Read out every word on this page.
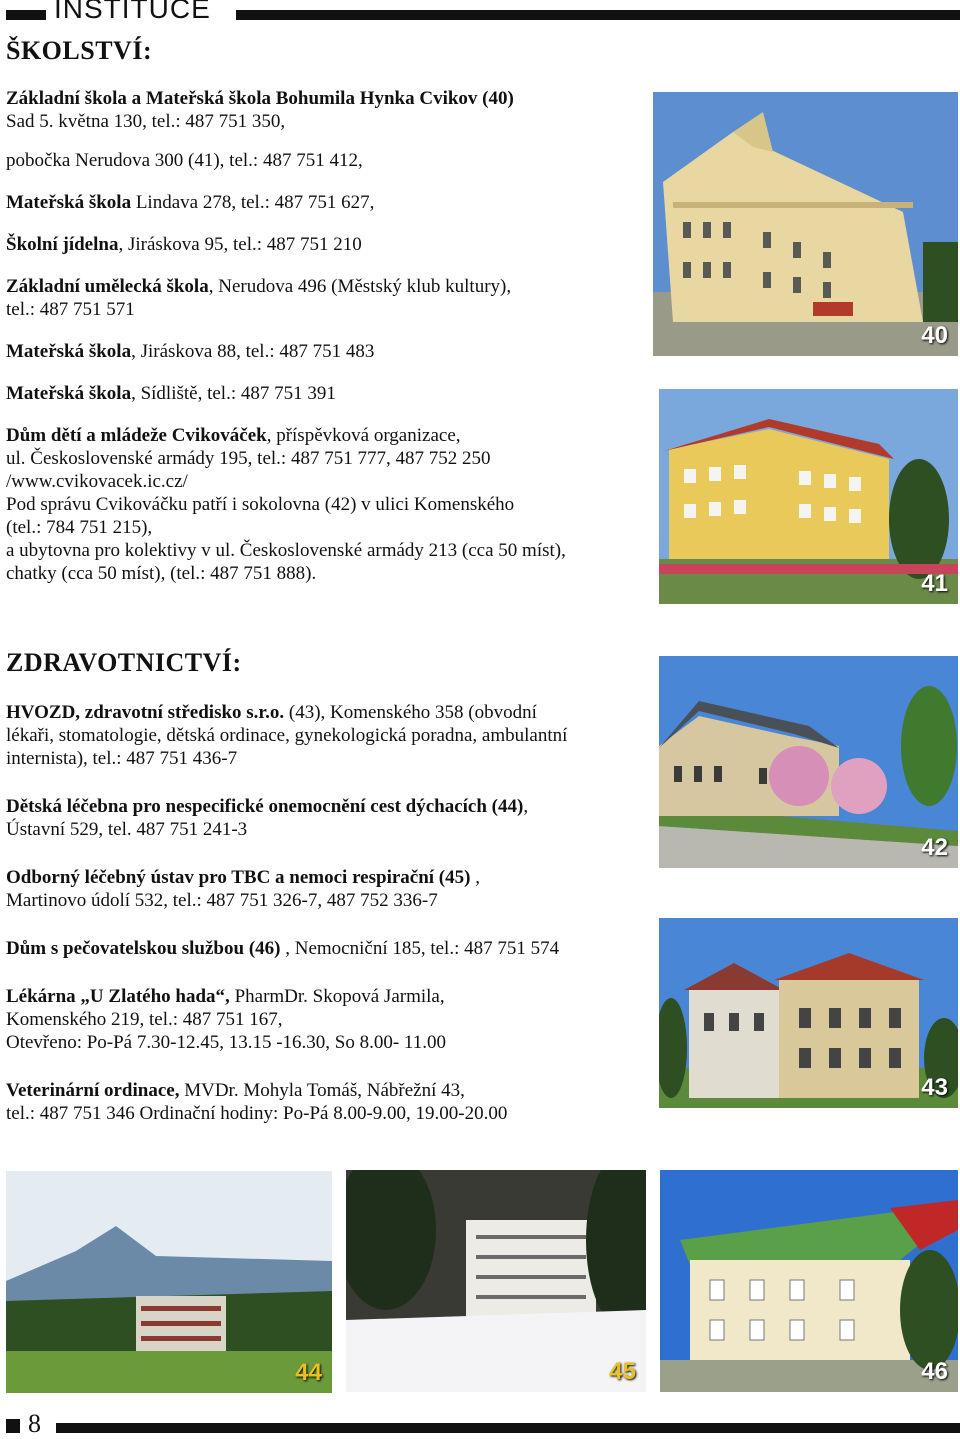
INSTITUCE
ŠKOLSTVÍ:
Základní škola a Mateřská škola Bohumila Hynka Cvikov (40)
Sad 5. května 130, tel.: 487 751 350,
pobočka Nerudova 300 (41), tel.: 487 751 412,
Mateřská škola Lindava 278, tel.: 487 751 627,
Školní jídelna, Jiráskova 95, tel.: 487 751 210
Základní umělecká škola, Nerudova 496 (Městský klub kultury),
tel.: 487 751 571
Mateřská škola, Jiráskova 88, tel.: 487 751 483
Mateřská škola, Sídliště, tel.: 487 751 391
Dům dětí a mládeže Cvikováček, příspěvková organizace,
ul. Československé armády 195, tel.: 487 751 777, 487 752 250
/www.cvikovacek.ic.cz/
Pod správu Cvikováčku patří i sokolovna (42) v ulici Komenského
(tel.: 784 751 215),
a ubytovna pro kolektivy v ul. Československé armády 213 (cca 50 míst),
chatky (cca 50 míst), (tel.: 487 751 888).
ZDRAVOTNICTVÍ:
HVOZD, zdravotní středisko s.r.o. (43), Komenského 358 (obvodní
lékaři, stomatologie, dětská ordinace, gynekologická poradna, ambulantní
internista), tel.: 487 751 436-7
Dětská léčebna pro nespecifické onemocnění cest dýchacích (44),
Ústavní 529, tel. 487 751 241-3
Odborný léčebný ústav pro TBC a nemoci respirační (45) ,
Martinovo údolí 532, tel.: 487 751 326-7, 487 752 336-7
Dům s pečovatelskou službou (46) , Nemocniční 185, tel.: 487 751 574
Lékárna „U Zlatého hada“, PharmDr. Skopová Jarmila,
Komenského 219, tel.: 487 751 167,
Otevřeno: Po-Pá 7.30-12.45, 13.15 -16.30, So 8.00- 11.00
Veterinární ordinace, MVDr. Mohyla Tomáš, Nábřežní 43,
tel.: 487 751 346 Ordinační hodiny: Po-Pá 8.00-9.00, 19.00-20.00
40
41
42
43
44	45	46
8
